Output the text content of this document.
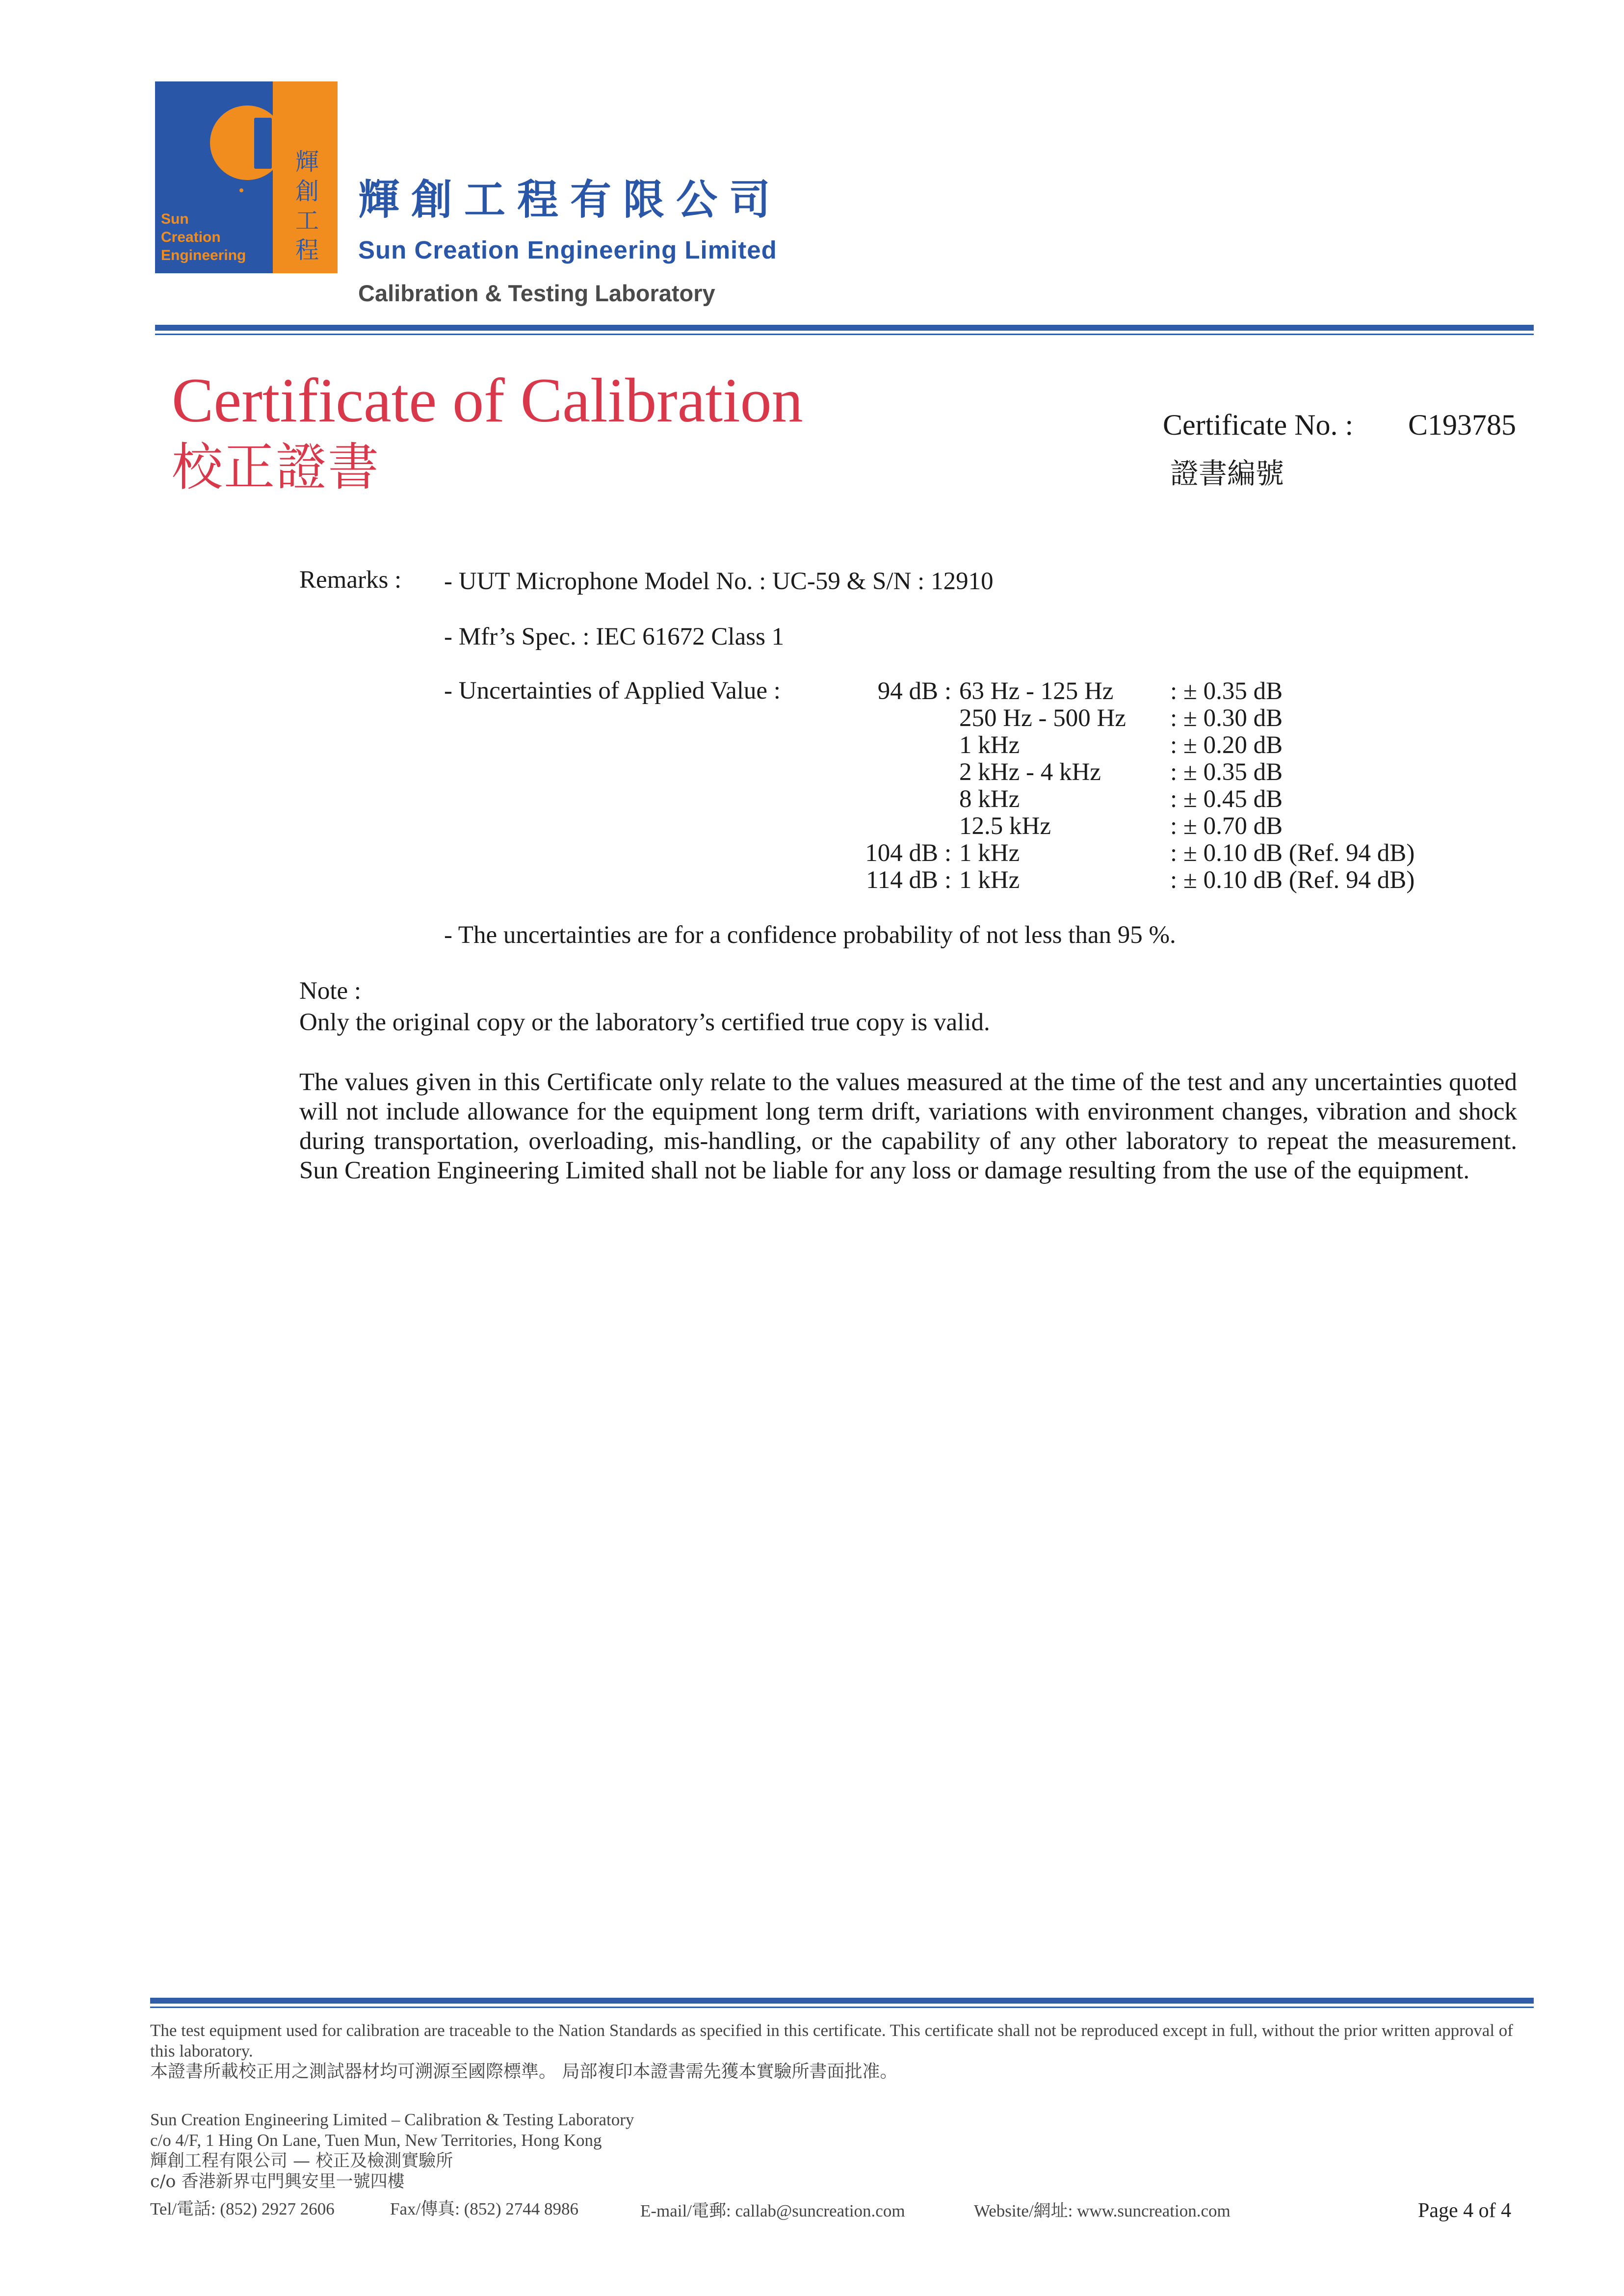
Sun
Creation
Engineering
輝
創
工
程
輝創工程有限公司
Sun Creation Engineering Limited
Calibration & Testing Laboratory
Certificate of Calibration
校正證書
Certificate No. : C193785
證書編號
Remarks : - UUT Microphone Model No. : UC-59 & S/N : 12910
- Mfr’s Spec. : IEC 61672 Class 1
- Uncertainties of Applied Value :	94 dB : 63 Hz - 125 Hz : ± 0.35 dB
250 Hz - 500 Hz : ± 0.30 dB
1 kHz	: ± 0.20 dB
2 kHz - 4 kHz	: ± 0.35 dB
8 kHz	: ± 0.45 dB
12.5 kHz	: ± 0.70 dB
104 dB : 1 kHz	: ± 0.10 dB (Ref. 94 dB)
114 dB : 1 kHz	: ± 0.10 dB (Ref. 94 dB)
- The uncertainties are for a confidence probability of not less than 95 %.
Note :
Only the original copy or the laboratory’s certified true copy is valid.
The values given in this Certificate only relate to the values measured at the time of the test and any uncertainties quoted will not include allowance for the equipment long term drift, variations with environment changes, vibration and shock during transportation, overloading, mis-handling, or the capability of any other laboratory to repeat the measurement. Sun Creation Engineering Limited shall not be liable for any loss or damage resulting from the use of the equipment.
The test equipment used for calibration are traceable to the Nation Standards as specified in this certificate. This certificate shall not be reproduced except in full, without the prior written approval of this laboratory.
本證書所載校正用之測試器材均可溯源至國際標準。 局部複印本證書需先獲本實驗所書面批准。
Sun Creation Engineering Limited – Calibration & Testing Laboratory
c/o 4/F, 1 Hing On Lane, Tuen Mun, New Territories, Hong Kong
輝創工程有限公司 — 校正及檢測實驗所
c/o 香港新界屯門興安里一號四樓
Tel/電話: (852) 2927 2606	Fax/傳真: (852) 2744 8986	E-mail/電郵: callab@suncreation.com	Website/網址: www.suncreation.com	Page 4 of 4
